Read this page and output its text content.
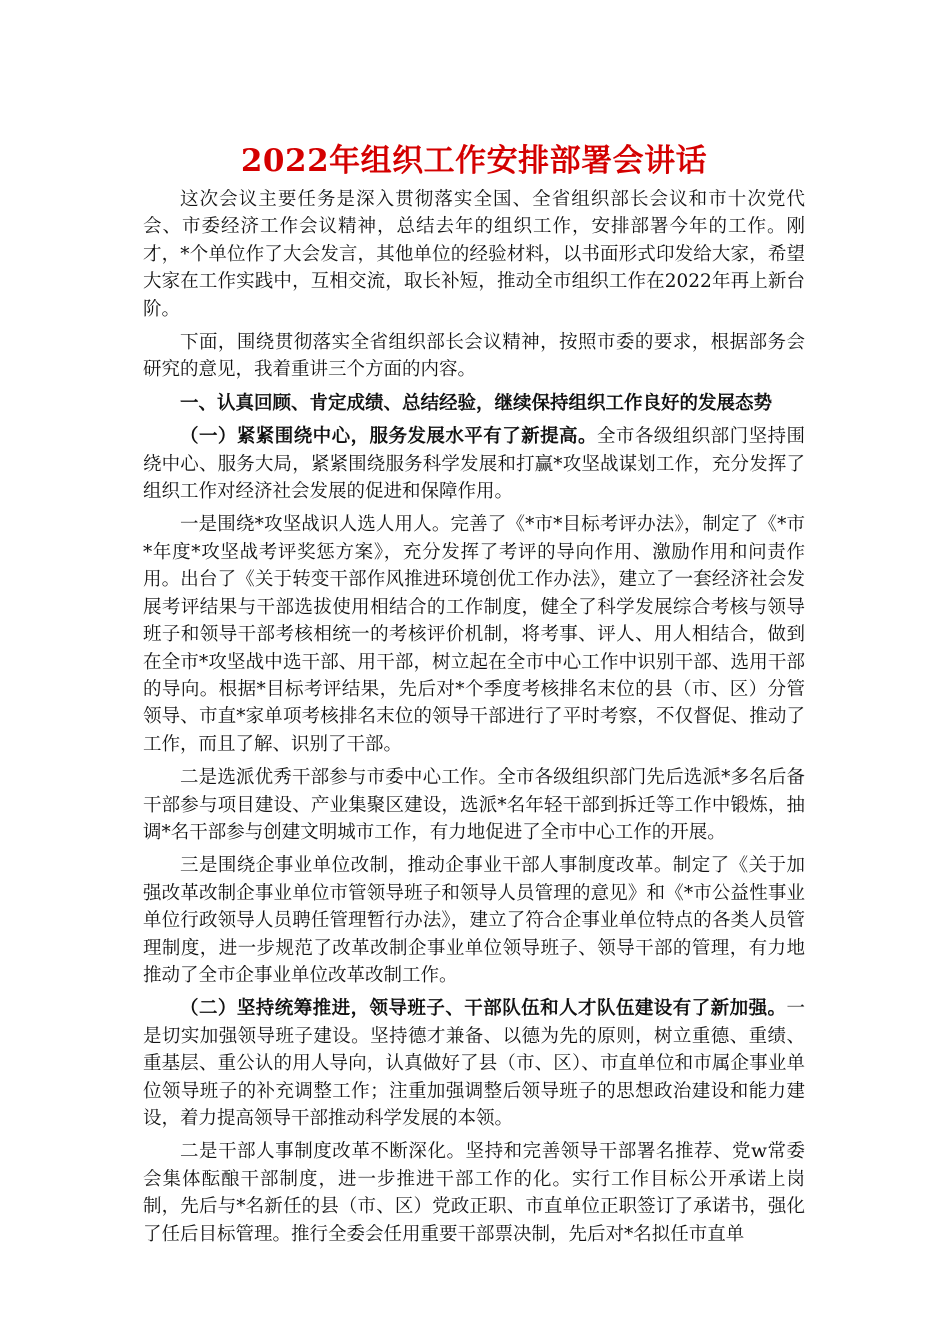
2022年组织工作安排部署会讲话

这次会议主要任务是深入贯彻落实全国、全省组织部长会议和市十次党代会、市委经济工作会议精神，总结去年的组织工作，安排部署今年的工作。刚才，*个单位作了大会发言，其他单位的经验材料，以书面形式印发给大家，希望大家在工作实践中，互相交流，取长补短，推动全市组织工作在2022年再上新台阶。

下面，围绕贯彻落实全省组织部长会议精神，按照市委的要求，根据部务会研究的意见，我着重讲三个方面的内容。

一、认真回顾、肯定成绩、总结经验，继续保持组织工作良好的发展态势

（一）紧紧围绕中心，服务发展水平有了新提高。全市各级组织部门坚持围绕中心、服务大局，紧紧围绕服务科学发展和打赢*攻坚战谋划工作，充分发挥了组织工作对经济社会发展的促进和保障作用。

一是围绕*攻坚战识人选人用人。完善了《*市*目标考评办法》，制定了《*市*年度*攻坚战考评奖惩方案》，充分发挥了考评的导向作用、激励作用和问责作用。出台了《关于转变干部作风推进环境创优工作办法》，建立了一套经济社会发展考评结果与干部选拔使用相结合的工作制度，健全了科学发展综合考核与领导班子和领导干部考核相统一的考核评价机制，将考事、评人、用人相结合，做到在全市*攻坚战中选干部、用干部，树立起在全市中心工作中识别干部、选用干部的导向。根据*目标考评结果，先后对*个季度考核排名末位的县（市、区）分管领导、市直*家单项考核排名末位的领导干部进行了平时考察，不仅督促、推动了工作，而且了解、识别了干部。

二是选派优秀干部参与市委中心工作。全市各级组织部门先后选派*多名后备干部参与项目建设、产业集聚区建设，选派*名年轻干部到拆迁等工作中锻炼，抽调*名干部参与创建文明城市工作，有力地促进了全市中心工作的开展。

三是围绕企事业单位改制，推动企事业干部人事制度改革。制定了《关于加强改革改制企事业单位市管领导班子和领导人员管理的意见》和《*市公益性事业单位行政领导人员聘任管理暂行办法》，建立了符合企事业单位特点的各类人员管理制度，进一步规范了改革改制企事业单位领导班子、领导干部的管理，有力地推动了全市企事业单位改革改制工作。

（二）坚持统筹推进，领导班子、干部队伍和人才队伍建设有了新加强。一是切实加强领导班子建设。坚持德才兼备、以德为先的原则，树立重德、重绩、重基层、重公认的用人导向，认真做好了县（市、区）、市直单位和市属企事业单位领导班子的补充调整工作；注重加强调整后领导班子的思想政治建设和能力建设，着力提高领导干部推动科学发展的本领。

二是干部人事制度改革不断深化。坚持和完善领导干部署名推荐、党w常委会集体酝酿干部制度，进一步推进干部工作的化。实行工作目标公开承诺上岗制，先后与*名新任的县（市、区）党政正职、市直单位正职签订了承诺书，强化了任后目标管理。推行全委会任用重要干部票决制，先后对*名拟任市直单
